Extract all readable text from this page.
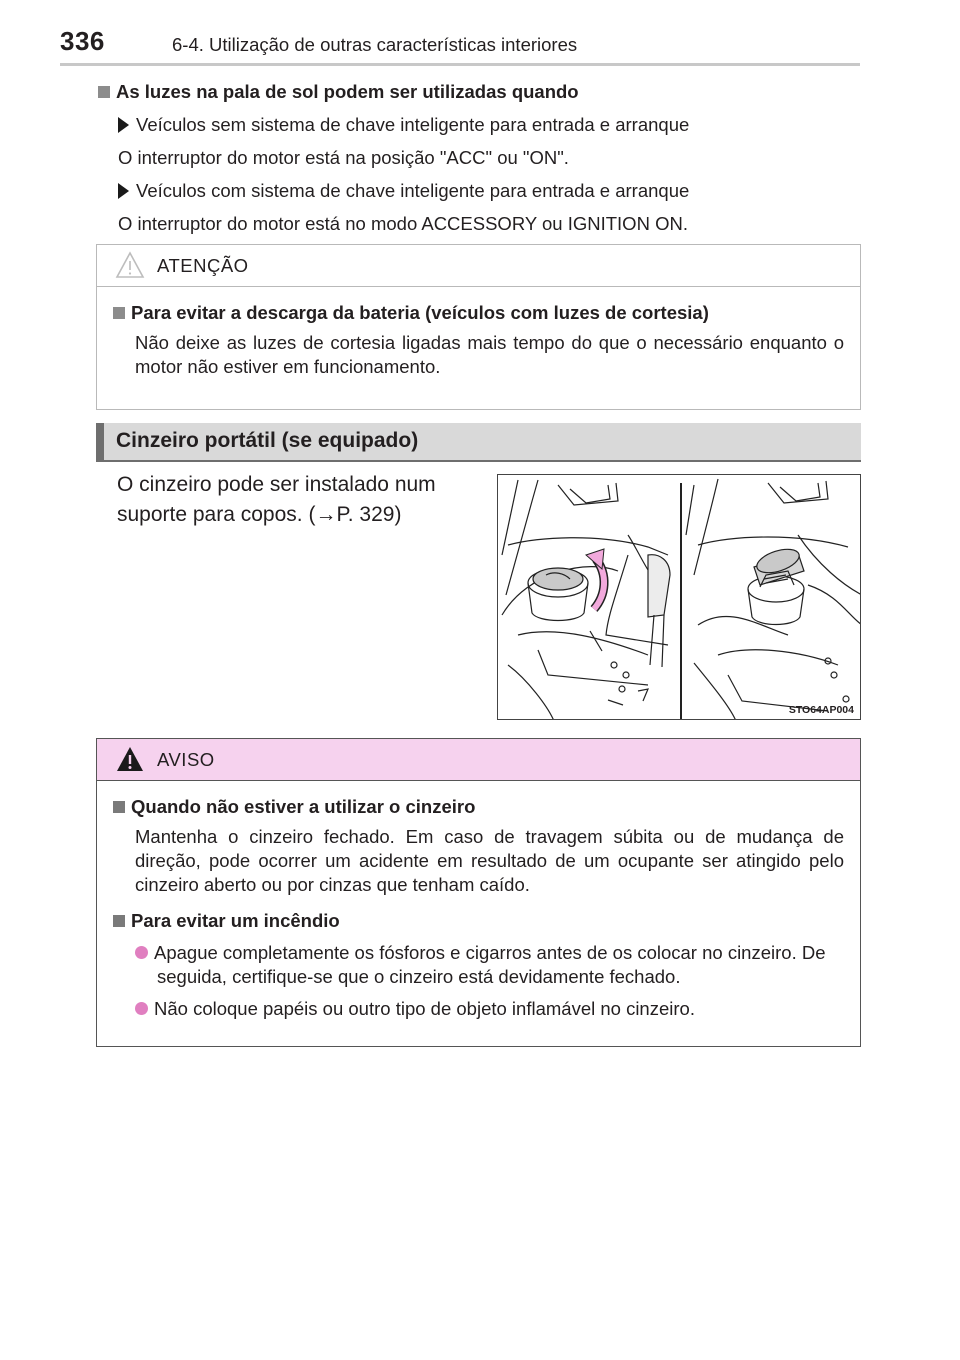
336	6-4. Utilização de outras características interiores
As luzes na pala de sol podem ser utilizadas quando
Veículos sem sistema de chave inteligente para entrada e arranque
O interruptor do motor está na posição "ACC" ou "ON".
Veículos com sistema de chave inteligente para entrada e arranque
O interruptor do motor está no modo ACCESSORY ou IGNITION ON.
ATENÇÃO
Para evitar a descarga da bateria (veículos com luzes de cortesia)
Não deixe as luzes de cortesia ligadas mais tempo do que o necessário enquanto o motor não estiver em funcionamento.
Cinzeiro portátil (se equipado)
O cinzeiro pode ser instalado num suporte para copos. (→P. 329)
STO64AP004
AVISO
Quando não estiver a utilizar o cinzeiro
Mantenha o cinzeiro fechado. Em caso de travagem súbita ou de mudança de direção, pode ocorrer um acidente em resultado de um ocupante ser atingido pelo cinzeiro aberto ou por cinzas que tenham caído.
Para evitar um incêndio
Apague completamente os fósforos e cigarros antes de os colocar no cinzeiro. De seguida, certifique-se que o cinzeiro está devidamente fechado.
Não coloque papéis ou outro tipo de objeto inflamável no cinzeiro.
